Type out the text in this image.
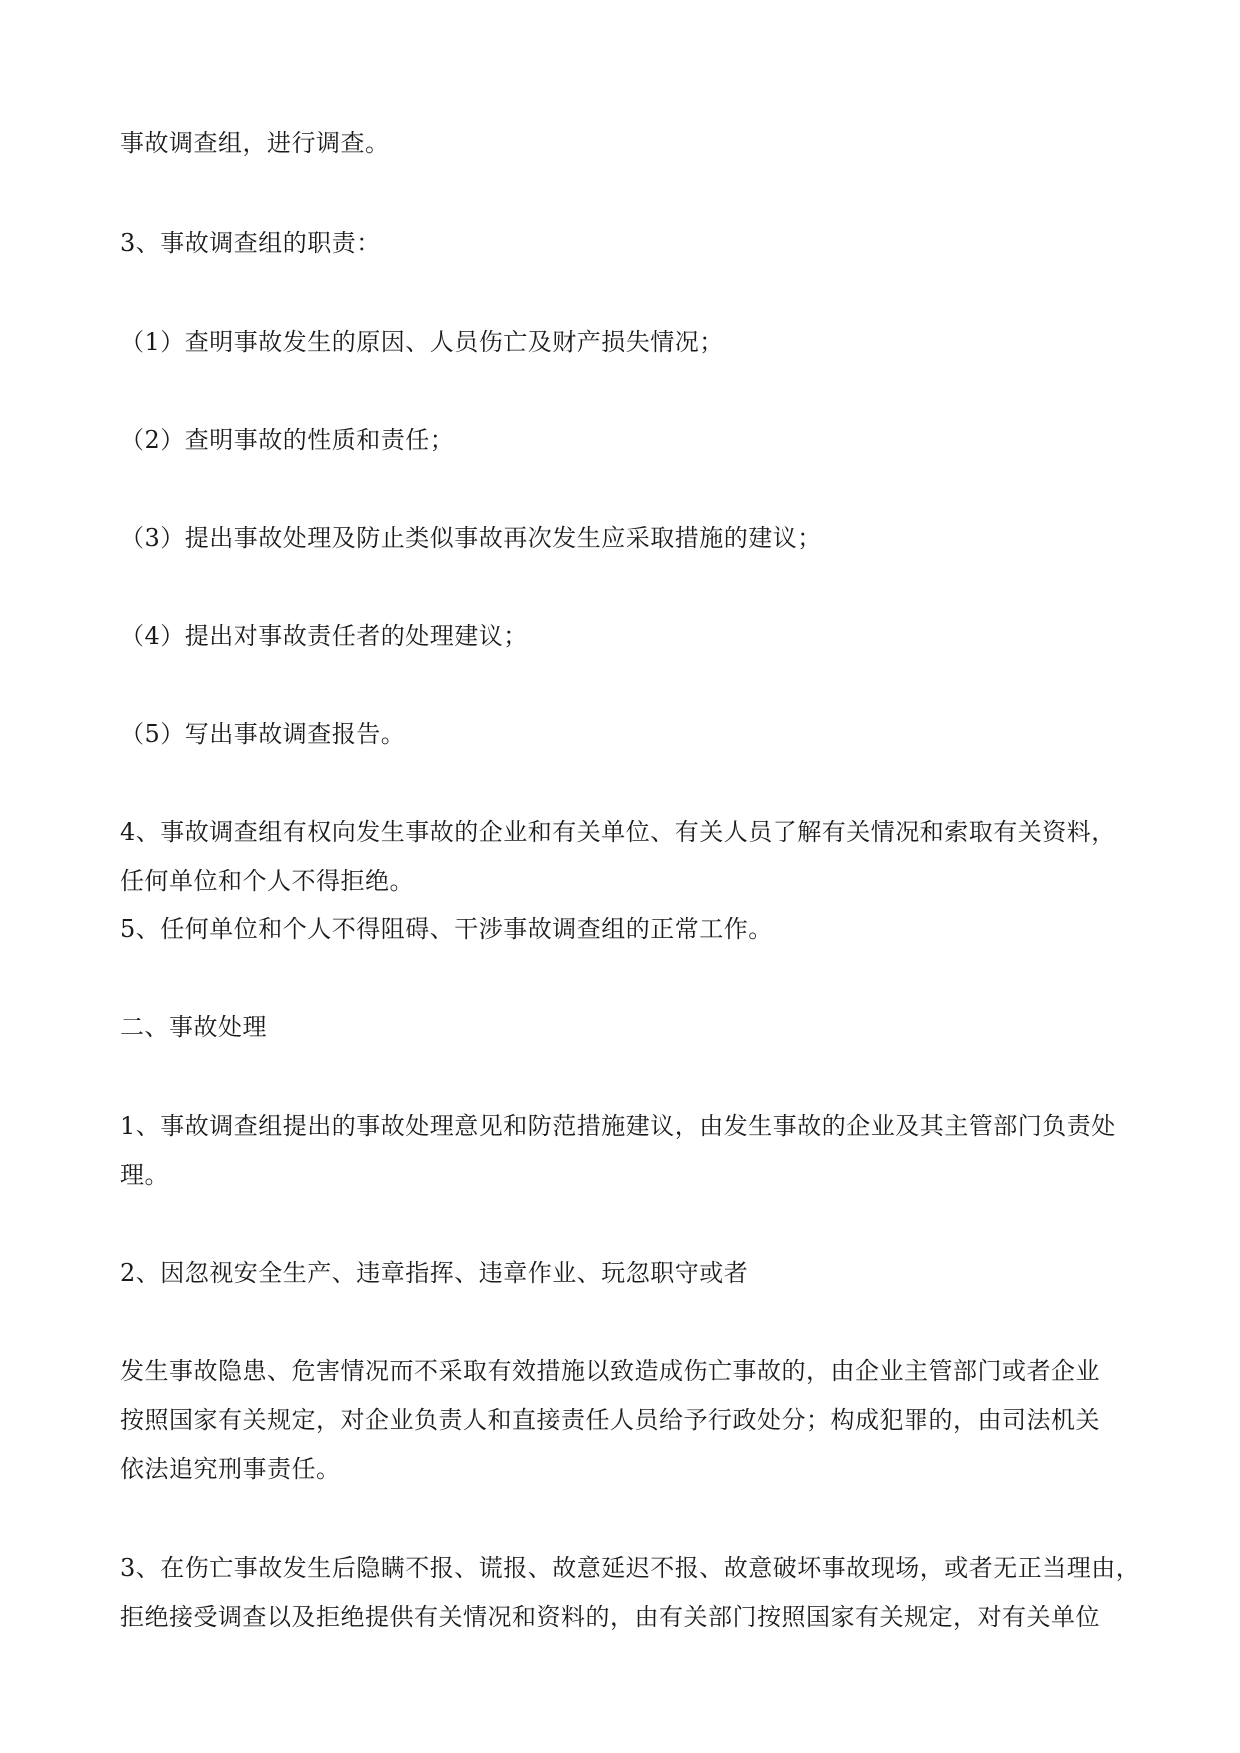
事故调查组，进行调查。
3、事故调查组的职责：
（1）查明事故发生的原因、人员伤亡及财产损失情况；
（2）查明事故的性质和责任；
（3）提出事故处理及防止类似事故再次发生应采取措施的建议；
（4）提出对事故责任者的处理建议；
（5）写出事故调查报告。
4、事故调查组有权向发生事故的企业和有关单位、有关人员了解有关情况和索取有关资料，
任何单位和个人不得拒绝。
5、任何单位和个人不得阻碍、干涉事故调查组的正常工作。
二、事故处理
1、事故调查组提出的事故处理意见和防范措施建议，由发生事故的企业及其主管部门负责处
理。
2、因忽视安全生产、违章指挥、违章作业、玩忽职守或者
发生事故隐患、危害情况而不采取有效措施以致造成伤亡事故的，由企业主管部门或者企业
按照国家有关规定，对企业负责人和直接责任人员给予行政处分；构成犯罪的，由司法机关
依法追究刑事责任。
3、在伤亡事故发生后隐瞒不报、谎报、故意延迟不报、故意破坏事故现场，或者无正当理由，
拒绝接受调查以及拒绝提供有关情况和资料的，由有关部门按照国家有关规定，对有关单位
